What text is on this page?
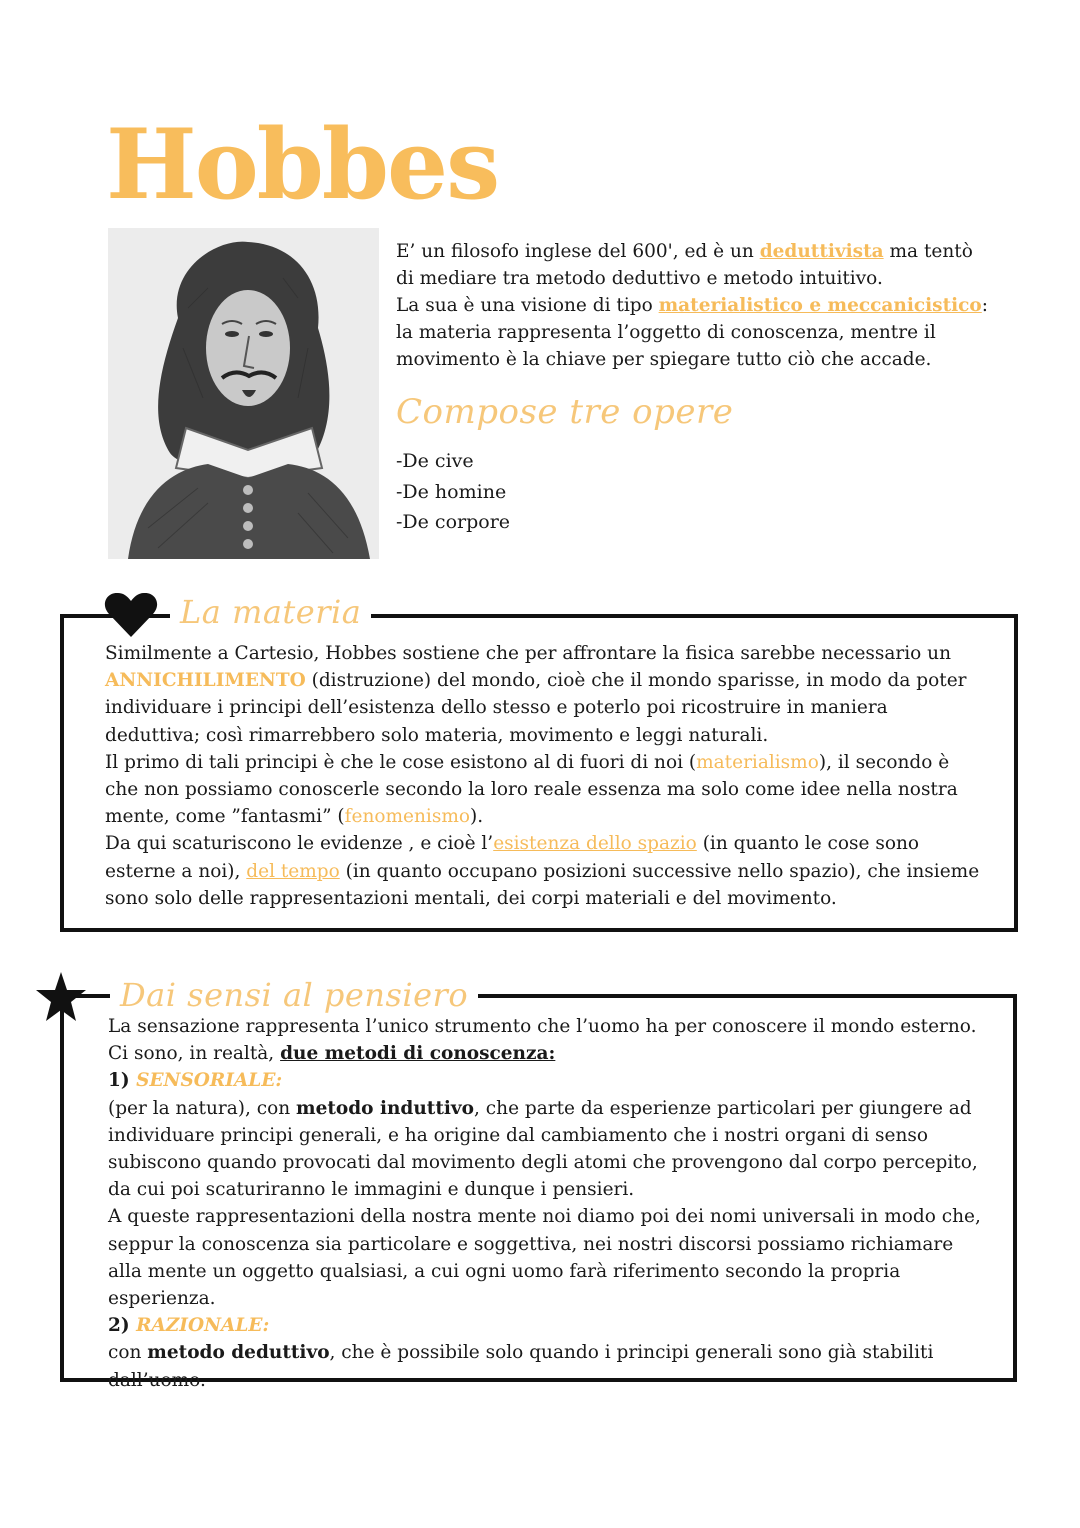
Hobbes

E’ un filosofo inglese del 600', ed è un deduttivista ma tentò di mediare tra metodo deduttivo e metodo intuitivo.
La sua è una visione di tipo materialistico e meccanicistico: la materia rappresenta l’oggetto di conoscenza, mentre il movimento è la chiave per spiegare tutto ciò che accade.

Compose tre opere
-De cive
-De homine
-De corpore
La materia

Similmente a Cartesio, Hobbes sostiene che per affrontare la fisica sarebbe necessario un ANNICHILIMENTO (distruzione) del mondo, cioè che il mondo sparisse, in modo da poter individuare i principi dell’esistenza dello stesso e poterlo poi ricostruire in maniera deduttiva; così rimarrebbero solo materia, movimento e leggi naturali.
Il primo di tali principi è che le cose esistono al di fuori di noi (materialismo), il secondo è che non possiamo conoscerle secondo la loro reale essenza ma solo come idee nella nostra mente, come ”fantasmi” (fenomenismo).
Da qui scaturiscono le evidenze , e cioè l’esistenza dello spazio (in quanto le cose sono esterne a noi), del tempo (in quanto occupano posizioni successive nello spazio), che insieme sono solo delle rappresentazioni mentali, dei corpi materiali e del movimento.

Dai sensi al pensiero

La sensazione rappresenta l’unico strumento che l’uomo ha per conoscere il mondo esterno.
Ci sono, in realtà, due metodi di conoscenza:
1) SENSORIALE:
(per la natura), con metodo induttivo, che parte da esperienze particolari per giungere ad individuare principi generali, e ha origine dal cambiamento che i nostri organi di senso subiscono quando provocati dal movimento degli atomi che provengono dal corpo percepito, da cui poi scaturiranno le immagini e dunque i pensieri.
A queste rappresentazioni della nostra mente noi diamo poi dei nomi universali in modo che, seppur la conoscenza sia particolare e soggettiva, nei nostri discorsi possiamo richiamare alla mente un oggetto qualsiasi, a cui ogni uomo farà riferimento secondo la propria esperienza.
2) RAZIONALE:
con metodo deduttivo, che è possibile solo quando i principi generali sono già stabiliti dall’uomo.
